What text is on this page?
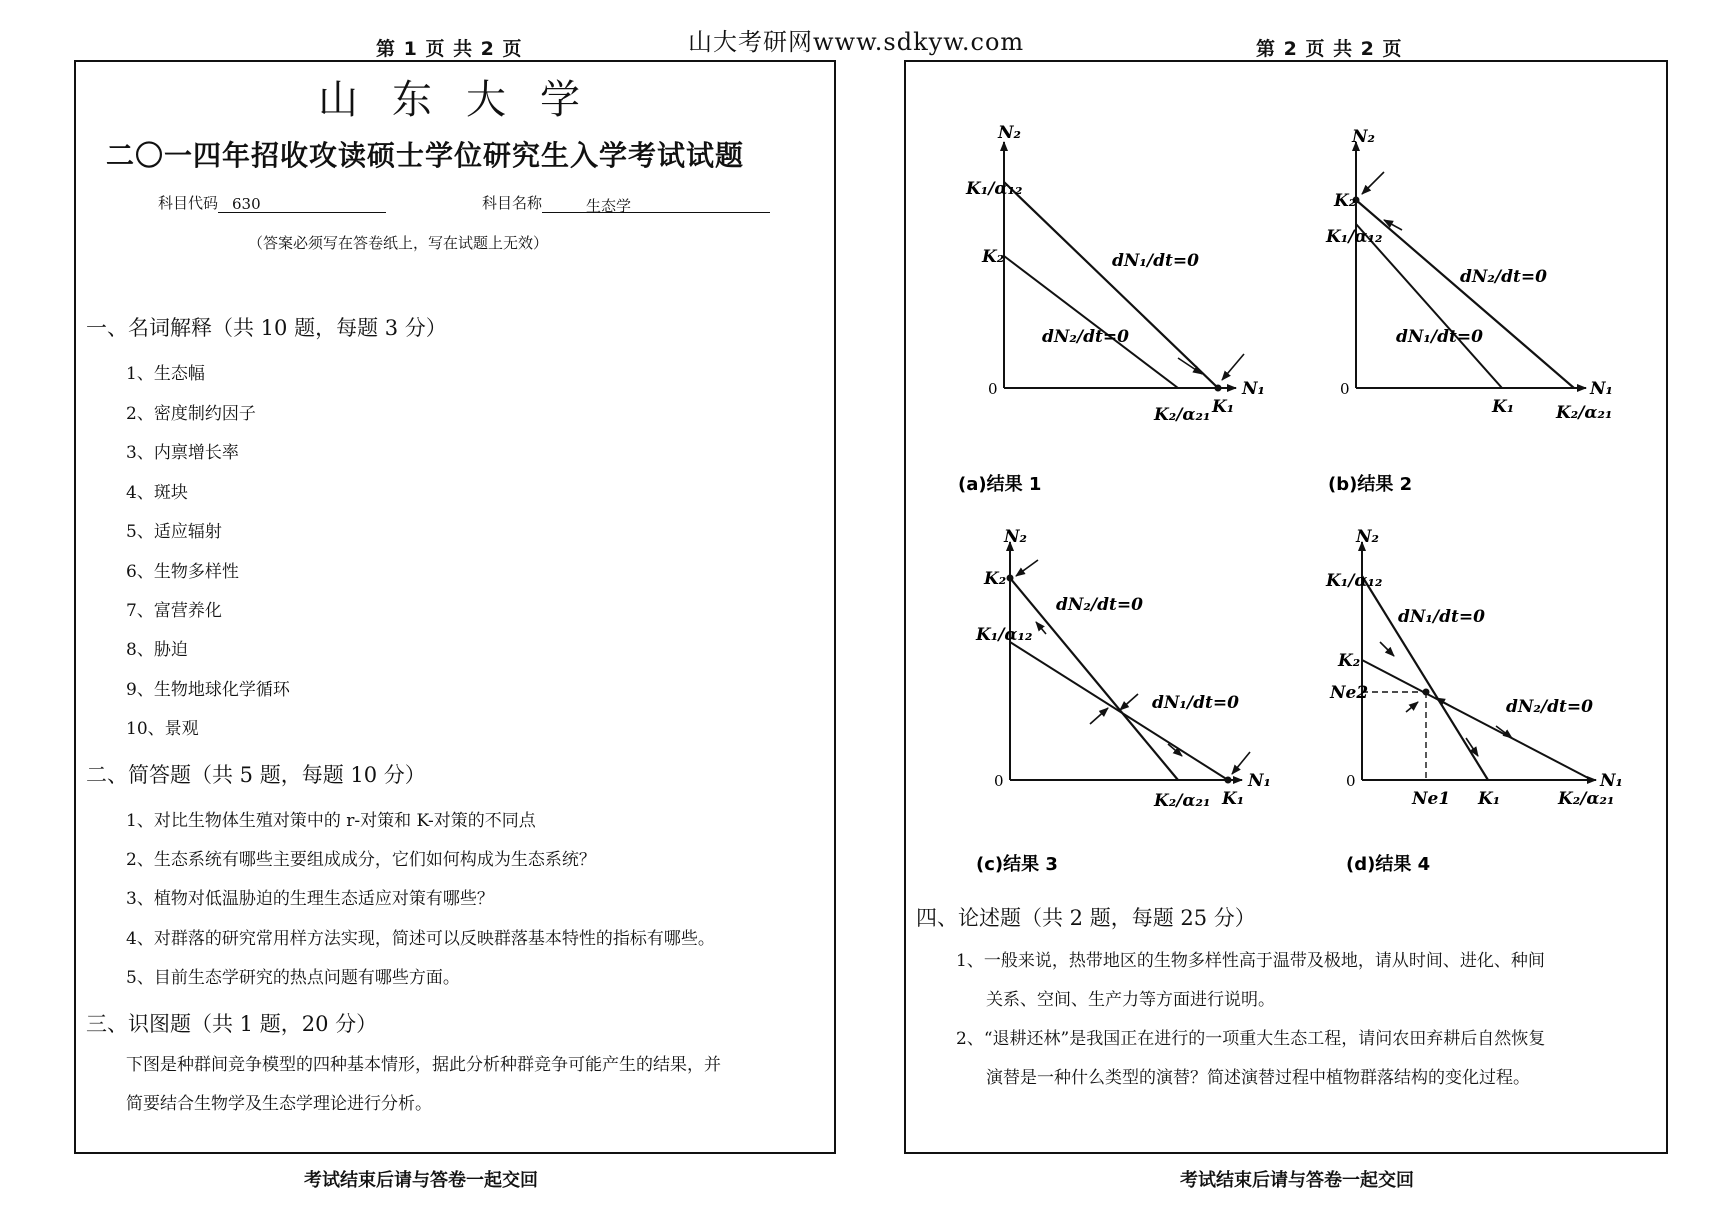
第 1 页 共 2 页	山大考研网www.sdkyw.com	第 2 页 共 2 页
山东大学
二〇一四年招收攻读硕士学位研究生入学考试试题
科目代码 630	科目名称	生态学
（答案必须写在答卷纸上，写在试题上无效）
一、名词解释（共 10 题，每题 3 分）
1、生态幅
2、密度制约因子
3、内禀增长率
4、斑块
5、适应辐射
6、生物多样性
7、富营养化
8、胁迫
9、生物地球化学循环
10、景观
二、简答题（共 5 题，每题 10 分）
1、对比生物体生殖对策中的 r-对策和 K-对策的不同点
2、生态系统有哪些主要组成成分，它们如何构成为生态系统？
3、植物对低温胁迫的生理生态适应对策有哪些？
4、对群落的研究常用样方法实现，简述可以反映群落基本特性的指标有哪些。
5、目前生态学研究的热点问题有哪些方面。
三、识图题（共 1 题，20 分）
下图是种群间竞争模型的四种基本情形，据此分析种群竞争可能产生的结果，并
简要结合生物学及生态学理论进行分析。
考试结束后请与答卷一起交回
N₂
N₁
0
K₁/α₁₂
K₂
K₂/α₂₁ K₁
dN₁/dt=0
dN₂/dt=0
(a)结果 1
N₂
N₁
0
K₂
K₁/α₁₂
K₁ K₂/α₂₁
dN₂/dt=0
dN₁/dt=0
(b)结果 2
N₂
N₁
0
K₂
K₁/α₁₂
K₂/α₂₁ K₁
dN₂/dt=0
dN₁/dt=0
(c)结果 3
N₂
N₁
0
K₁/α₁₂
K₂
Ne2
Ne1 K₁	K₂/α₂₁
dN₁/dt=0
dN₂/dt=0
(d)结果 4
四、论述题（共 2 题，每题 25 分）
1、一般来说，热带地区的生物多样性高于温带及极地，请从时间、进化、种间
关系、空间、生产力等方面进行说明。
2、“退耕还林”是我国正在进行的一项重大生态工程，请问农田弃耕后自然恢复
演替是一种什么类型的演替？简述演替过程中植物群落结构的变化过程。
考试结束后请与答卷一起交回
